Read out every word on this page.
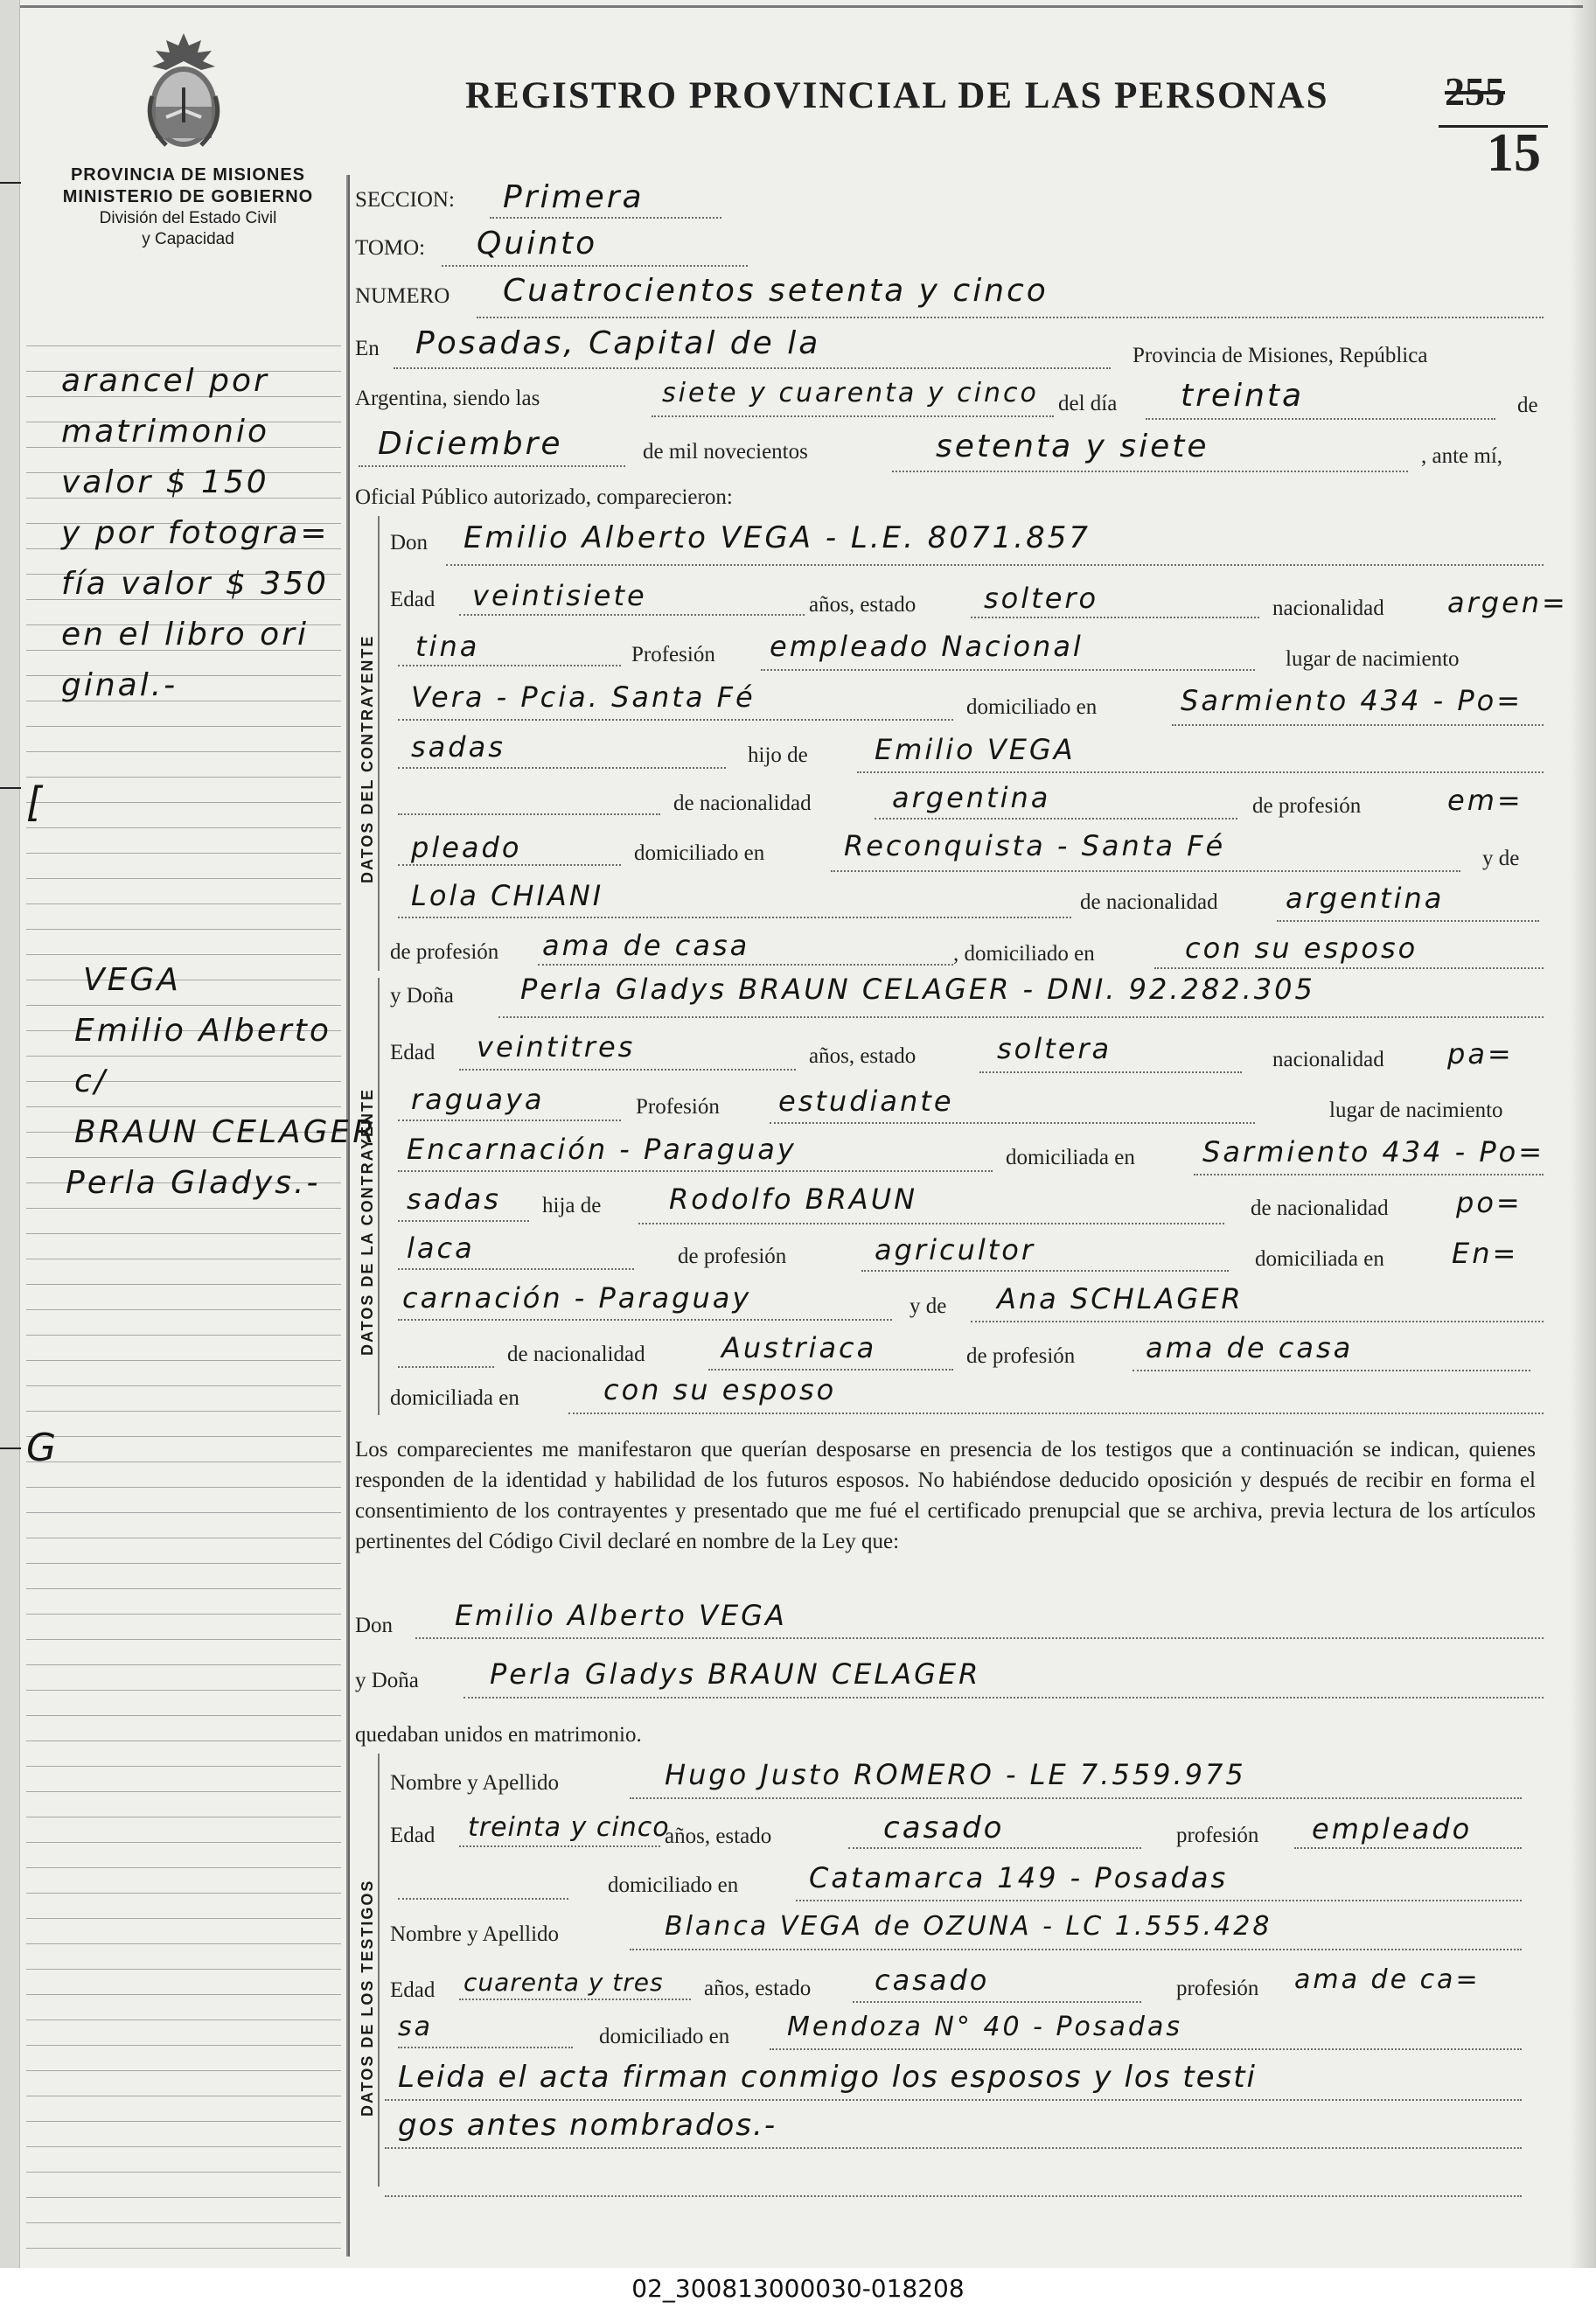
REGISTRO PROVINCIAL DE LAS PERSONAS	255
15
PROVINCIA DE MISIONES
MINISTERIO DE GOBIERNO
División del Estado Civil
y Capacidad
arancel por
matrimonio
valor $ 150
y por fotogra=
fía valor $ 350
en el libro ori
ginal.-
[
G
VEGA
Emilio Alberto
c/
BRAUN CELAGER
Perla Gladys.-
SECCION: Primera
TOMO: Quinto
NUMERO Cuatrocientos setenta y cinco
En Posadas, Capital de la	Provincia de Misiones, República
Argentina, siendo las	siete y cuarenta y cinco del día treinta	de
Diciembre	de mil novecientos	setenta y siete	, ante mí,
Oficial Público autorizado, comparecieron:
DATOS DEL CONTRAYENTE
Don Emilio Alberto VEGA - L.E. 8071.857
Edad veintisiete	años, estado soltero	nacionalidad argen=
tina	Profesión empleado Nacional	lugar de nacimiento
Vera - Pcia. Santa Fé	domiciliado en	Sarmiento 434 - Po=
sadas	hijo de Emilio VEGA
de nacionalidad	argentina	de profesión	em=
pleado	domiciliado en	Reconquista - Santa Fé	y de
Lola CHIANI	de nacionalidad argentina
de profesión ama de casa	, domiciliado en	con su esposo
DATOS DE LA CONTRAYENTE
y Doña Perla Gladys BRAUN CELAGER - DNI. 92.282.305
Edad veintitres	años, estado	soltera	nacionalidad pa=
raguaya	Profesión estudiante	lugar de nacimiento
Encarnación - Paraguay	domiciliada en Sarmiento 434 - Po=
sadas hija de Rodolfo BRAUN	de nacionalidad po=
laca	de profesión	agricultor	domiciliada en En=
carnación - Paraguay	y de Ana SCHLAGER
de nacionalidad	Austriaca	de profesión	ama de casa
domiciliada en	con su esposo
Los comparecientes me manifestaron que querían desposarse en presencia de los testigos que a continuación se indican, quienes responden de la identidad y habilidad de los futuros esposos. No habiéndose deducido oposición y después de recibir en forma el consentimiento de los contrayentes y presentado que me fué el certificado prenupcial que se archiva, previa lectura de los artículos pertinentes del Código Civil declaré en nombre de la Ley que:
Don Emilio Alberto VEGA
y Doña	Perla Gladys BRAUN CELAGER
quedaban unidos en matrimonio.
DATOS DE LOS TESTIGOS
Nombre y Apellido	Hugo Justo ROMERO - LE 7.559.975
Edad treinta y cinco
años, estado	casado	profesión empleado
domiciliado en	Catamarca 149 - Posadas
Nombre y Apellido	Blanca VEGA de OZUNA - LC 1.555.428
Edad cuarenta y tres años, estado casado	profesión ama de ca=
sa	domiciliado en Mendoza N° 40 - Posadas
Leida el acta firman conmigo los esposos y los testi
gos antes nombrados.-
02_300813000030-018208
